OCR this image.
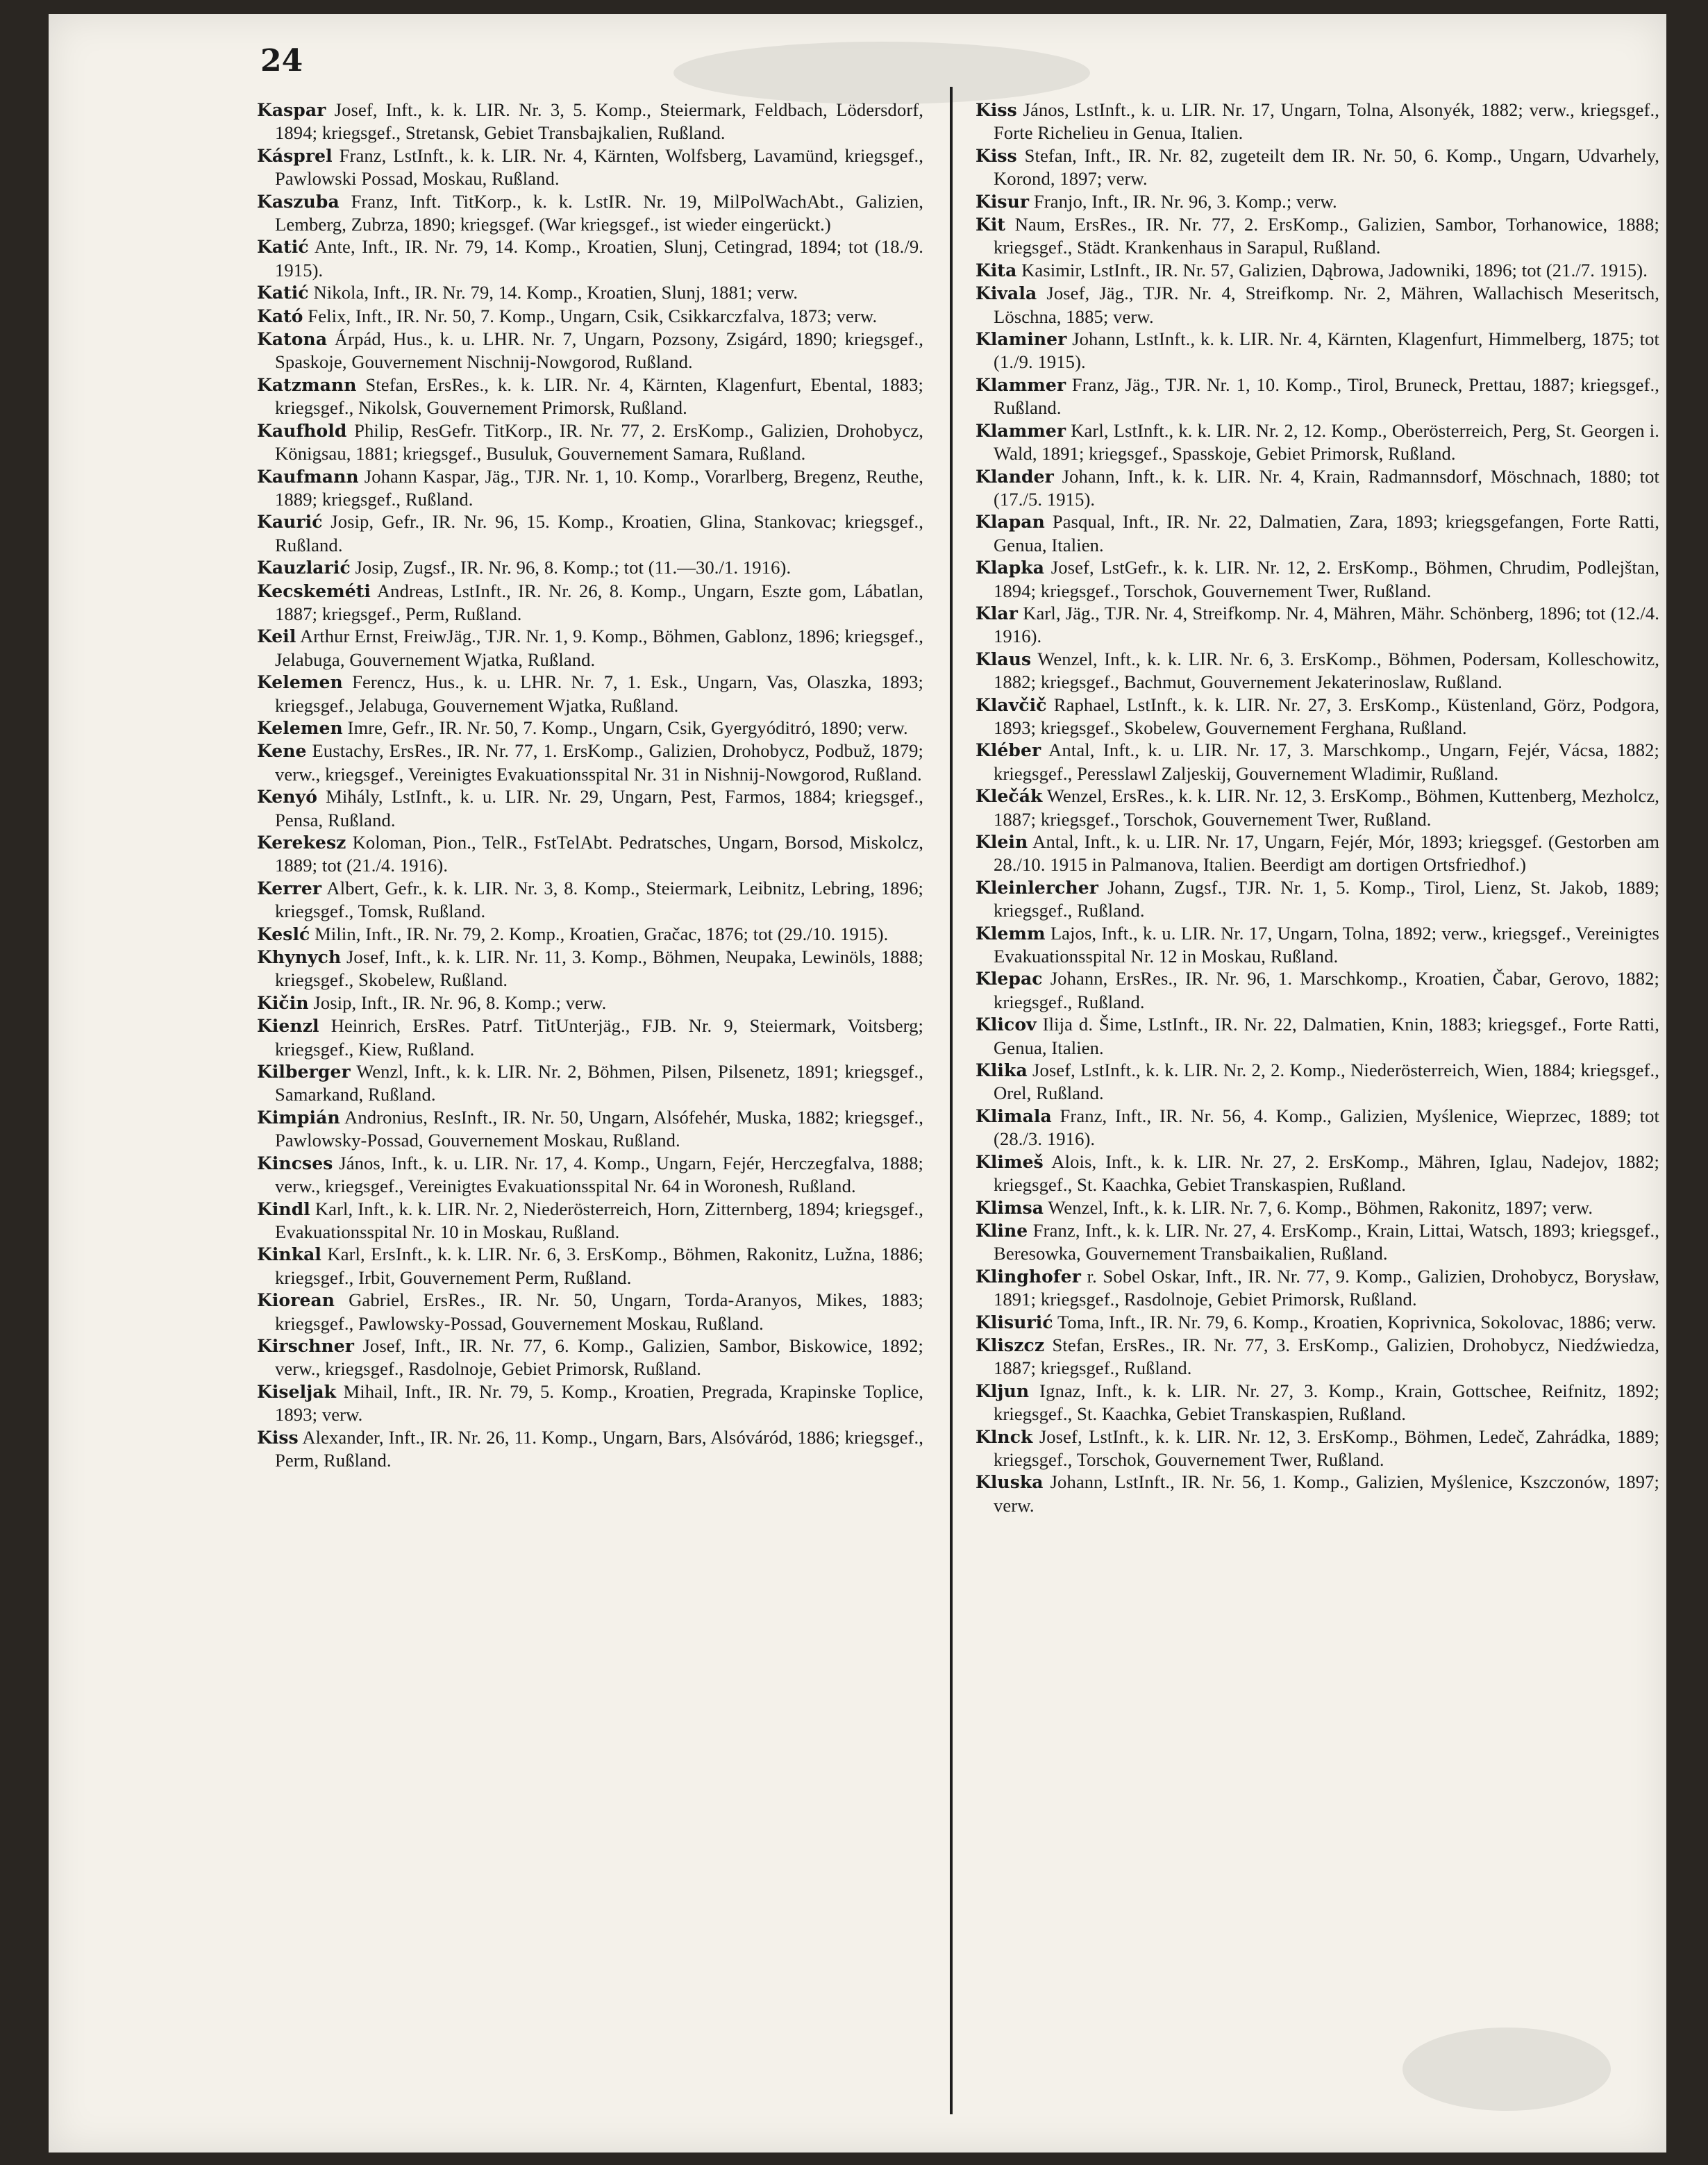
24

Kaspar Josef, Inft., k. k. LIR. Nr. 3, 5. Komp., Steiermark, Feldbach, Lödersdorf, 1894; kriegsgef., Stretansk, Gebiet Transbajkalien, Rußland.

Kásprel Franz, LstInft., k. k. LIR. Nr. 4, Kärnten, Wolfsberg, Lavamünd, kriegsgef., Pawlowski Possad, Moskau, Rußland.

Kaszuba Franz, Inft. TitKorp., k. k. LstIR. Nr. 19, MilPolWachAbt., Galizien, Lemberg, Zubrza, 1890; kriegsgef. (War kriegsgef., ist wieder eingerückt.)

Katić Ante, Inft., IR. Nr. 79, 14. Komp., Kroatien, Slunj, Cetingrad, 1894; tot (18./9. 1915).

Katić Nikola, Inft., IR. Nr. 79, 14. Komp., Kroatien, Slunj, 1881; verw.

Kató Felix, Inft., IR. Nr. 50, 7. Komp., Ungarn, Csik, Csikkarczfalva, 1873; verw.

Katona Árpád, Hus., k. u. LHR. Nr. 7, Ungarn, Pozsony, Zsigárd, 1890; kriegsgef., Spaskoje, Gouvernement Nischnij-Nowgorod, Rußland.

Katzmann Stefan, ErsRes., k. k. LIR. Nr. 4, Kärnten, Klagenfurt, Ebental, 1883; kriegsgef., Nikolsk, Gouvernement Primorsk, Rußland.

Kaufhold Philip, ResGefr. TitKorp., IR. Nr. 77, 2. ErsKomp., Galizien, Drohobycz, Königsau, 1881; kriegsgef., Busuluk, Gouvernement Samara, Rußland.

Kaufmann Johann Kaspar, Jäg., TJR. Nr. 1, 10. Komp., Vorarlberg, Bregenz, Reuthe, 1889; kriegsgef., Rußland.

Kaurić Josip, Gefr., IR. Nr. 96, 15. Komp., Kroatien, Glina, Stankovac; kriegsgef., Rußland.

Kauzlarić Josip, Zugsf., IR. Nr. 96, 8. Komp.; tot (11.—30./1. 1916).

Kecskeméti Andreas, LstInft., IR. Nr. 26, 8. Komp., Ungarn, Eszte gom, Lábatlan, 1887; kriegsgef., Perm, Rußland.

Keil Arthur Ernst, FreiwJäg., TJR. Nr. 1, 9. Komp., Böhmen, Gablonz, 1896; kriegsgef., Jelabuga, Gouvernement Wjatka, Rußland.

Kelemen Ferencz, Hus., k. u. LHR. Nr. 7, 1. Esk., Ungarn, Vas, Olaszka, 1893; kriegsgef., Jelabuga, Gouvernement Wjatka, Rußland.

Kelemen Imre, Gefr., IR. Nr. 50, 7. Komp., Ungarn, Csik, Gyergyóditró, 1890; verw.

Kene Eustachy, ErsRes., IR. Nr. 77, 1. ErsKomp., Galizien, Drohobycz, Podbuž, 1879; verw., kriegsgef., Vereinigtes Evakuationsspital Nr. 31 in Nishnij-Nowgorod, Rußland.

Kenyó Mihály, LstInft., k. u. LIR. Nr. 29, Ungarn, Pest, Farmos, 1884; kriegsgef., Pensa, Rußland.

Kerekesz Koloman, Pion., TelR., FstTelAbt. Pedratsches, Ungarn, Borsod, Miskolcz, 1889; tot (21./4. 1916).

Kerrer Albert, Gefr., k. k. LIR. Nr. 3, 8. Komp., Steiermark, Leibnitz, Lebring, 1896; kriegsgef., Tomsk, Rußland.

Keslć Milin, Inft., IR. Nr. 79, 2. Komp., Kroatien, Gračac, 1876; tot (29./10. 1915).

Khynych Josef, Inft., k. k. LIR. Nr. 11, 3. Komp., Böhmen, Neupaka, Lewinöls, 1888; kriegsgef., Skobelew, Rußland.

Kičin Josip, Inft., IR. Nr. 96, 8. Komp.; verw.

Kienzl Heinrich, ErsRes. Patrf. TitUnterjäg., FJB. Nr. 9, Steiermark, Voitsberg; kriegsgef., Kiew, Rußland.

Kilberger Wenzl, Inft., k. k. LIR. Nr. 2, Böhmen, Pilsen, Pilsenetz, 1891; kriegsgef., Samarkand, Rußland.

Kimpián Andronius, ResInft., IR. Nr. 50, Ungarn, Alsófehér, Muska, 1882; kriegsgef., Pawlowsky-Possad, Gouvernement Moskau, Rußland.

Kincses János, Inft., k. u. LIR. Nr. 17, 4. Komp., Ungarn, Fejér, Herczegfalva, 1888; verw., kriegsgef., Vereinigtes Evakuationsspital Nr. 64 in Woronesh, Rußland.

Kindl Karl, Inft., k. k. LIR. Nr. 2, Niederösterreich, Horn, Zitternberg, 1894; kriegsgef., Evakuationsspital Nr. 10 in Moskau, Rußland.

Kinkal Karl, ErsInft., k. k. LIR. Nr. 6, 3. ErsKomp., Böhmen, Rakonitz, Lužna, 1886; kriegsgef., Irbit, Gouvernement Perm, Rußland.

Kiorean Gabriel, ErsRes., IR. Nr. 50, Ungarn, Torda-Aranyos, Mikes, 1883; kriegsgef., Pawlowsky-Possad, Gouvernement Moskau, Rußland.

Kirschner Josef, Inft., IR. Nr. 77, 6. Komp., Galizien, Sambor, Biskowice, 1892; verw., kriegsgef., Rasdolnoje, Gebiet Primorsk, Rußland.

Kiseljak Mihail, Inft., IR. Nr. 79, 5. Komp., Kroatien, Pregrada, Krapinske Toplice, 1893; verw.

Kiss Alexander, Inft., IR. Nr. 26, 11. Komp., Ungarn, Bars, Alsóváród, 1886; kriegsgef., Perm, Rußland.

Kiss János, LstInft., k. u. LIR. Nr. 17, Ungarn, Tolna, Alsonyék, 1882; verw., kriegsgef., Forte Richelieu in Genua, Italien.

Kiss Stefan, Inft., IR. Nr. 82, zugeteilt dem IR. Nr. 50, 6. Komp., Ungarn, Udvarhely, Korond, 1897; verw.

Kisur Franjo, Inft., IR. Nr. 96, 3. Komp.; verw.

Kit Naum, ErsRes., IR. Nr. 77, 2. ErsKomp., Galizien, Sambor, Torhanowice, 1888; kriegsgef., Städt. Krankenhaus in Sarapul, Rußland.

Kita Kasimir, LstInft., IR. Nr. 57, Galizien, Dąbrowa, Jadowniki, 1896; tot (21./7. 1915).

Kivala Josef, Jäg., TJR. Nr. 4, Streifkomp. Nr. 2, Mähren, Wallachisch Meseritsch, Löschna, 1885; verw.

Klaminer Johann, LstInft., k. k. LIR. Nr. 4, Kärnten, Klagenfurt, Himmelberg, 1875; tot (1./9. 1915).

Klammer Franz, Jäg., TJR. Nr. 1, 10. Komp., Tirol, Bruneck, Prettau, 1887; kriegsgef., Rußland.

Klammer Karl, LstInft., k. k. LIR. Nr. 2, 12. Komp., Oberösterreich, Perg, St. Georgen i. Wald, 1891; kriegsgef., Spasskoje, Gebiet Primorsk, Rußland.

Klander Johann, Inft., k. k. LIR. Nr. 4, Krain, Radmannsdorf, Möschnach, 1880; tot (17./5. 1915).

Klapan Pasqual, Inft., IR. Nr. 22, Dalmatien, Zara, 1893; kriegsgefangen, Forte Ratti, Genua, Italien.

Klapka Josef, LstGefr., k. k. LIR. Nr. 12, 2. ErsKomp., Böhmen, Chrudim, Podlejštan, 1894; kriegsgef., Torschok, Gouvernement Twer, Rußland.

Klar Karl, Jäg., TJR. Nr. 4, Streifkomp. Nr. 4, Mähren, Mähr. Schönberg, 1896; tot (12./4. 1916).

Klaus Wenzel, Inft., k. k. LIR. Nr. 6, 3. ErsKomp., Böhmen, Podersam, Kolleschowitz, 1882; kriegsgef., Bachmut, Gouvernement Jekaterinoslaw, Rußland.

Klavčič Raphael, LstInft., k. k. LIR. Nr. 27, 3. ErsKomp., Küstenland, Görz, Podgora, 1893; kriegsgef., Skobelew, Gouvernement Ferghana, Rußland.

Kléber Antal, Inft., k. u. LIR. Nr. 17, 3. Marschkomp., Ungarn, Fejér, Vácsa, 1882; kriegsgef., Peresslawl Zaljeskij, Gouvernement Wladimir, Rußland.

Klečák Wenzel, ErsRes., k. k. LIR. Nr. 12, 3. ErsKomp., Böhmen, Kuttenberg, Mezholcz, 1887; kriegsgef., Torschok, Gouvernement Twer, Rußland.

Klein Antal, Inft., k. u. LIR. Nr. 17, Ungarn, Fejér, Mór, 1893; kriegsgef. (Gestorben am 28./10. 1915 in Palmanova, Italien. Beerdigt am dortigen Ortsfriedhof.)

Kleinlercher Johann, Zugsf., TJR. Nr. 1, 5. Komp., Tirol, Lienz, St. Jakob, 1889; kriegsgef., Rußland.

Klemm Lajos, Inft., k. u. LIR. Nr. 17, Ungarn, Tolna, 1892; verw., kriegsgef., Vereinigtes Evakuationsspital Nr. 12 in Moskau, Rußland.

Klepac Johann, ErsRes., IR. Nr. 96, 1. Marschkomp., Kroatien, Čabar, Gerovo, 1882; kriegsgef., Rußland.

Klicov Ilija d. Šime, LstInft., IR. Nr. 22, Dalmatien, Knin, 1883; kriegsgef., Forte Ratti, Genua, Italien.

Klika Josef, LstInft., k. k. LIR. Nr. 2, 2. Komp., Niederösterreich, Wien, 1884; kriegsgef., Orel, Rußland.

Klimala Franz, Inft., IR. Nr. 56, 4. Komp., Galizien, Myślenice, Wieprzec, 1889; tot (28./3. 1916).

Klimeš Alois, Inft., k. k. LIR. Nr. 27, 2. ErsKomp., Mähren, Iglau, Nadejov, 1882; kriegsgef., St. Kaachka, Gebiet Transkaspien, Rußland.

Klimsa Wenzel, Inft., k. k. LIR. Nr. 7, 6. Komp., Böhmen, Rakonitz, 1897; verw.

Kline Franz, Inft., k. k. LIR. Nr. 27, 4. ErsKomp., Krain, Littai, Watsch, 1893; kriegsgef., Beresowka, Gouvernement Transbaikalien, Rußland.

Klinghofer r. Sobel Oskar, Inft., IR. Nr. 77, 9. Komp., Galizien, Drohobycz, Borysław, 1891; kriegsgef., Rasdolnoje, Gebiet Primorsk, Rußland.

Klisurić Toma, Inft., IR. Nr. 79, 6. Komp., Kroatien, Koprivnica, Sokolovac, 1886; verw.

Kliszcz Stefan, ErsRes., IR. Nr. 77, 3. ErsKomp., Galizien, Drohobycz, Niedźwiedza, 1887; kriegsgef., Rußland.

Kljun Ignaz, Inft., k. k. LIR. Nr. 27, 3. Komp., Krain, Gottschee, Reifnitz, 1892; kriegsgef., St. Kaachka, Gebiet Transkaspien, Rußland.

Klnck Josef, LstInft., k. k. LIR. Nr. 12, 3. ErsKomp., Böhmen, Ledeč, Zahrádka, 1889; kriegsgef., Torschok, Gouvernement Twer, Rußland.

Kluska Johann, LstInft., IR. Nr. 56, 1. Komp., Galizien, Myślenice, Kszczonów, 1897; verw.
